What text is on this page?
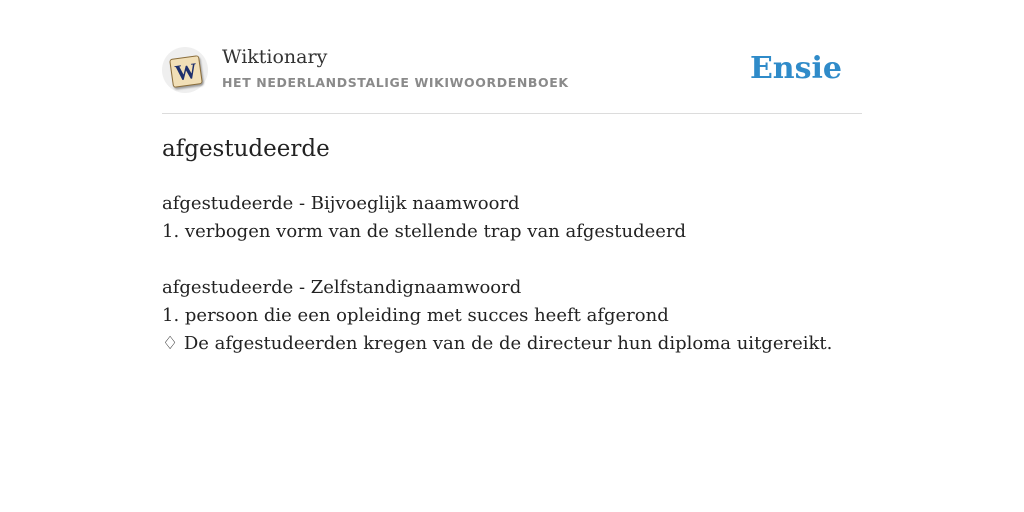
W
Wiktionary
HET NEDERLANDSTALIGE WIKIWOORDENBOEK	Ensie
afgestudeerde
afgestudeerde - Bijvoeglijk naamwoord
1. verbogen vorm van de stellende trap van afgestudeerd
afgestudeerde - Zelfstandignaamwoord
1. persoon die een opleiding met succes heeft afgerond
♢ De afgestudeerden kregen van de de directeur hun diploma uitgereikt.
